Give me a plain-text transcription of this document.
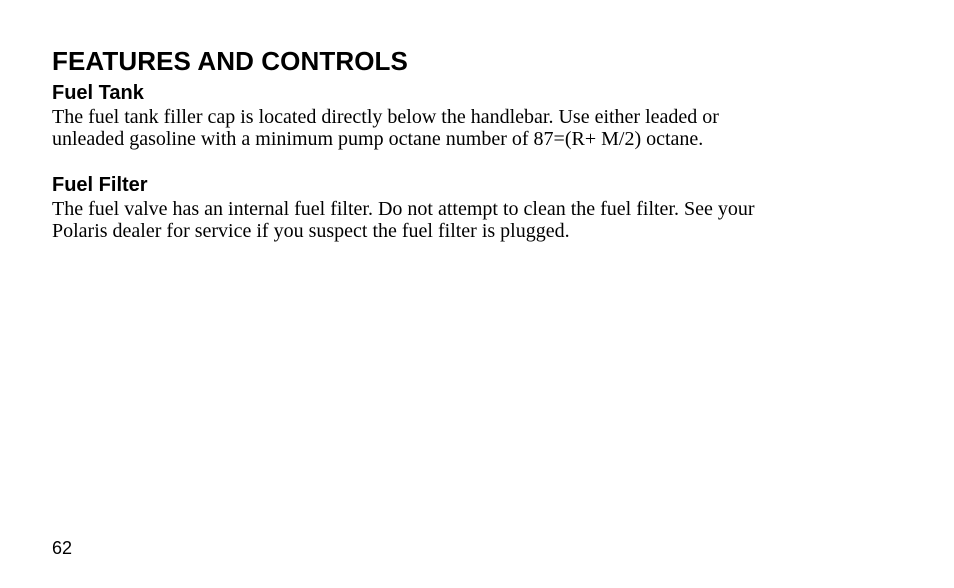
FEATURES AND CONTROLS
Fuel Tank

The fuel tank filler cap is located directly below the handlebar. Use either leaded or
unleaded gasoline with a minimum pump octane number of 87=(R+ M/2) octane.

Fuel Filter

The fuel valve has an internal fuel filter. Do not attempt to clean the fuel filter. See your
Polaris dealer for service if you suspect the fuel filter is plugged.

62
